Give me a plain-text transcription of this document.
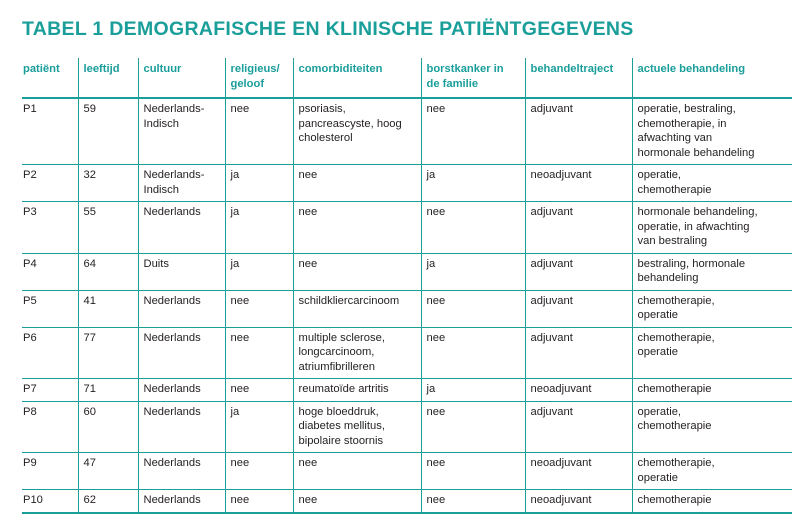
TABEL 1 DEMOGRAFISCHE EN KLINISCHE PATIËNTGEGEVENS
patiënt	leeftijd	cultuur	religieus/
geloof	comorbiditeiten	borstkanker in
de familie	behandeltraject	actuele behandeling
P1	59	Nederlands-
Indisch	nee	psoriasis,
pancreascyste, hoog
cholesterol	nee	adjuvant	operatie, bestraling,
chemotherapie, in
afwachting van
hormonale behandeling
P2	32	Nederlands-
Indisch	ja	nee	ja	neoadjuvant	operatie,
chemotherapie
P3	55	Nederlands	ja	nee	nee	adjuvant	hormonale behandeling,
operatie, in afwachting
van bestraling
P4	64	Duits	ja	nee	ja	adjuvant	bestraling, hormonale
behandeling
P5	41	Nederlands	nee	schildkliercarcinoom	nee	adjuvant	chemotherapie,
operatie
P6	77	Nederlands	nee	multiple sclerose,
longcarcinoom,
atriumfibrilleren	nee	adjuvant	chemotherapie,
operatie
P7	71	Nederlands	nee	reumatoïde artritis	ja	neoadjuvant	chemotherapie
P8	60	Nederlands	ja	hoge bloeddruk,
diabetes mellitus,
bipolaire stoornis	nee	adjuvant	operatie,
chemotherapie
P9	47	Nederlands	nee	nee	nee	neoadjuvant	chemotherapie,
operatie
P10	62	Nederlands	nee	nee	nee	neoadjuvant	chemotherapie
